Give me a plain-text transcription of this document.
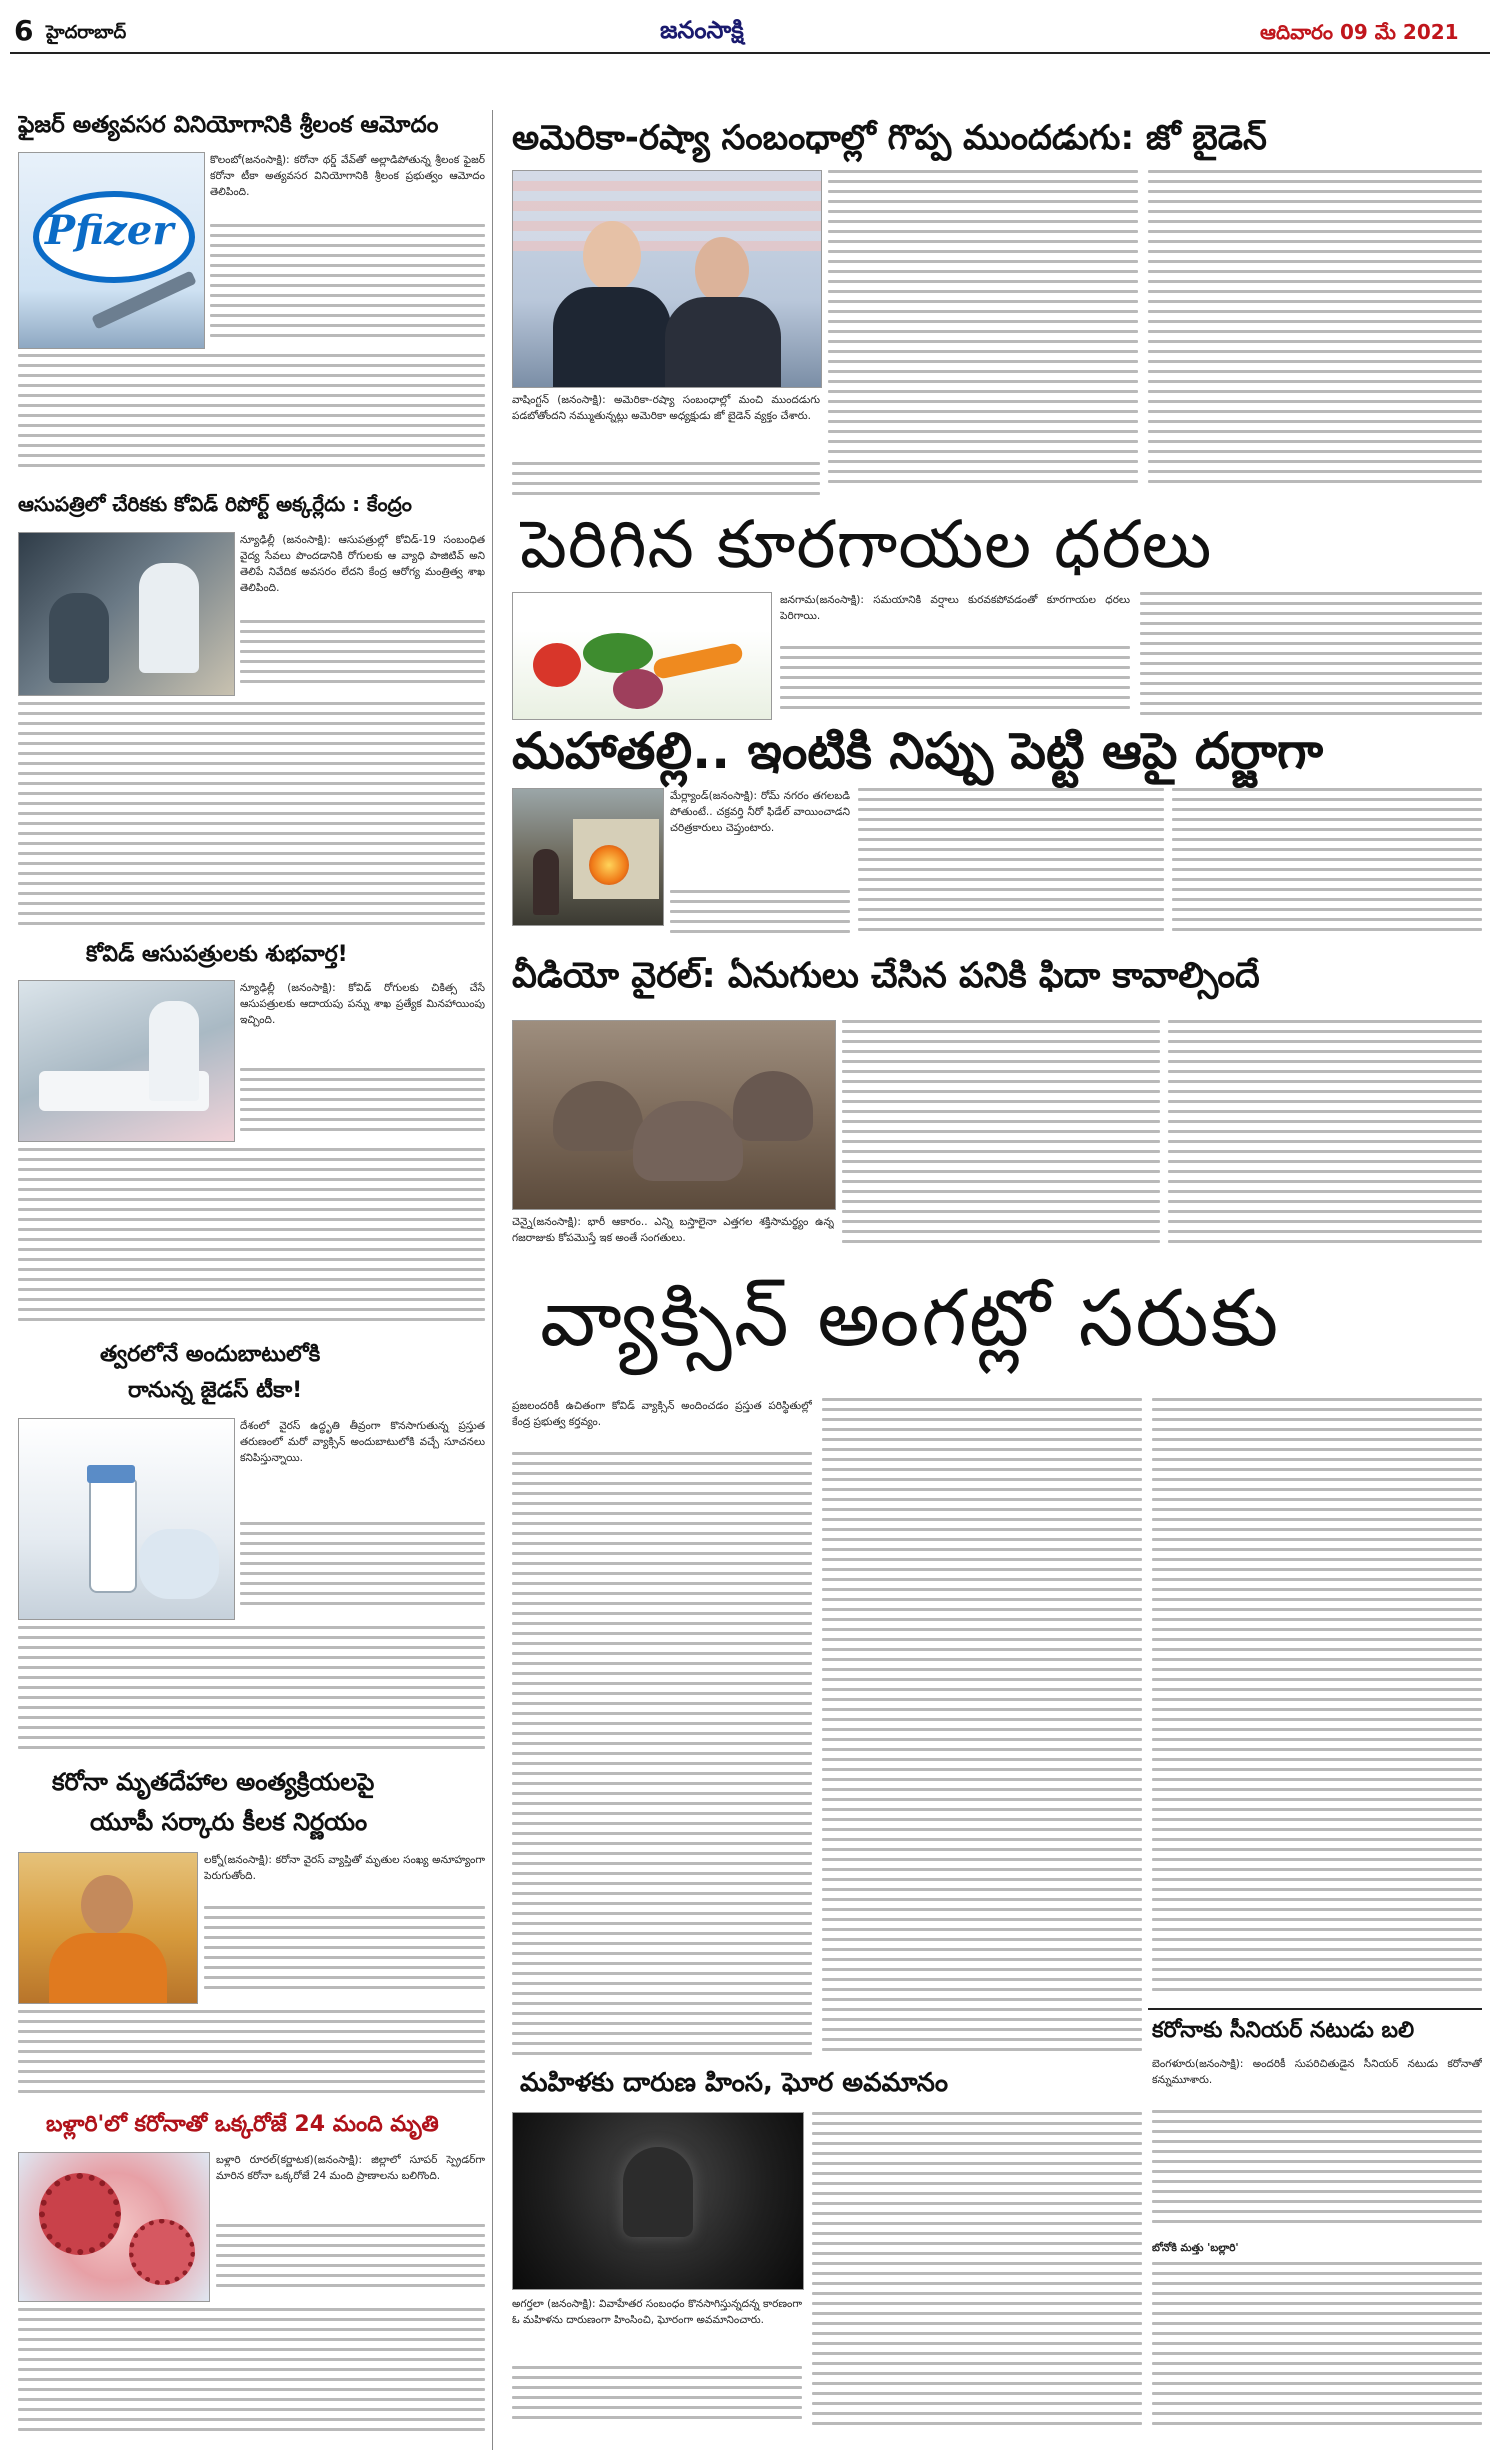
6 హైదరాబాద్	జనంసాక్షి	ఆదివారం 09 మే 2021
ఫైజర్ అత్యవసర వినియోగానికి శ్రీలంక ఆమోదం
Pfizer
కొలంబో(జనంసాక్షి): కరోనా థర్డ్ వేవ్‌తో అల్లాడిపోతున్న శ్రీలంక ఫైజర్ కరోనా టీకా అత్యవసర వినియోగానికి శ్రీలంక ప్రభుత్వం ఆమోదం తెలిపింది.
ఆసుపత్రిలో చేరికకు కోవిడ్ రిపోర్ట్ అక్కర్లేదు : కేంద్రం
న్యూఢిల్లీ (జనంసాక్షి): ఆసుపత్రుల్లో కోవిడ్-19 సంబంధిత వైద్య సేవలు పొందడానికి రోగులకు ఆ వ్యాధి పాజిటివ్ అని తెలిపే నివేదిక అవసరం లేదని కేంద్ర ఆరోగ్య మంత్రిత్వ శాఖ తెలిపింది.
కోవిడ్ ఆసుపత్రులకు శుభవార్త!
న్యూఢిల్లీ (జనంసాక్షి): కోవిడ్ రోగులకు చికిత్స చేసే ఆసుపత్రులకు ఆదాయపు పన్ను శాఖ ప్రత్యేక మినహాయింపు ఇచ్చింది.
త్వరలోనే అందుబాటులోకి
రానున్న జైడస్ టీకా!
దేశంలో వైరస్ ఉద్ధృతి తీవ్రంగా కొనసాగుతున్న ప్రస్తుత తరుణంలో మరో వ్యాక్సిన్ అందుబాటులోకి వచ్చే సూచనలు కనిపిస్తున్నాయి.
కరోనా మృతదేహాల అంత్యక్రియలపై
యూపీ సర్కారు కీలక నిర్ణయం
లక్నో(జనంసాక్షి): కరోనా వైరస్ వ్యాప్తితో మృతుల సంఖ్య అనూహ్యంగా పెరుగుతోంది.
బళ్లారి'లో కరోనాతో ఒక్కరోజే 24 మంది మృతి
బళ్లారి రూరల్(కర్ణాటక)(జనంసాక్షి): జిల్లాలో సూపర్ స్ప్రెడర్‌గా మారిన కరోనా ఒక్కరోజే 24 మంది ప్రాణాలను బలిగొంది.
అమెరికా-రష్యా సంబంధాల్లో గొప్ప ముందడుగు: జో బైడెన్
వాషింగ్టన్ (జనంసాక్షి): అమెరికా-రష్యా సంబంధాల్లో మంచి ముందడుగు పడబోతోందని నమ్ముతున్నట్లు అమెరికా అధ్యక్షుడు జో బైడెన్ వ్యక్తం చేశారు.
పెరిగిన కూరగాయల ధరలు
జనగామ(జనంసాక్షి): సమయానికి వర్షాలు కురవకపోవడంతో కూరగాయల ధరలు పెరిగాయి.
మహాతల్లి.. ఇంటికి నిప్పు పెట్టి ఆపై దర్జాగా
మేర్ల్యాండ్(జనంసాక్షి): రోమ్ నగరం తగలబడి పోతుంటే.. చక్రవర్తి నీరో ఫిడేల్ వాయించాడని చరిత్రకారులు చెప్తుంటారు.
వీడియో వైరల్: ఏనుగులు చేసిన పనికి ఫిదా కావాల్సిందే
చెన్నై(జనంసాక్షి): భారీ ఆకారం.. ఎన్ని బస్తాలైనా ఎత్తగల శక్తిసామర్థ్యం ఉన్న గజరాజుకు కోపమొస్తే ఇక అంతే సంగతులు.
వ్యాక్సిన్ అంగట్లో సరుకు
ప్రజలందరికీ ఉచితంగా కోవిడ్ వ్యాక్సిన్ అందించడం ప్రస్తుత పరిస్థితుల్లో కేంద్ర ప్రభుత్వ కర్తవ్యం.
మహిళకు దారుణ హింస, ఘోర అవమానం
అగర్తలా (జనంసాక్షి): వివాహేతర సంబంధం కొనసాగిస్తున్నదన్న కారణంగా ఓ మహిళను దారుణంగా హింసించి, ఘోరంగా అవమానించారు.
కరోనాకు సీనియర్ నటుడు బలి
బెంగళూరు(జనంసాక్షి): అందరికీ సుపరిచితుడైన సీనియర్ నటుడు కరోనాతో కన్నుమూశారు.
బోనోకి మత్తు 'బల్లారి'
